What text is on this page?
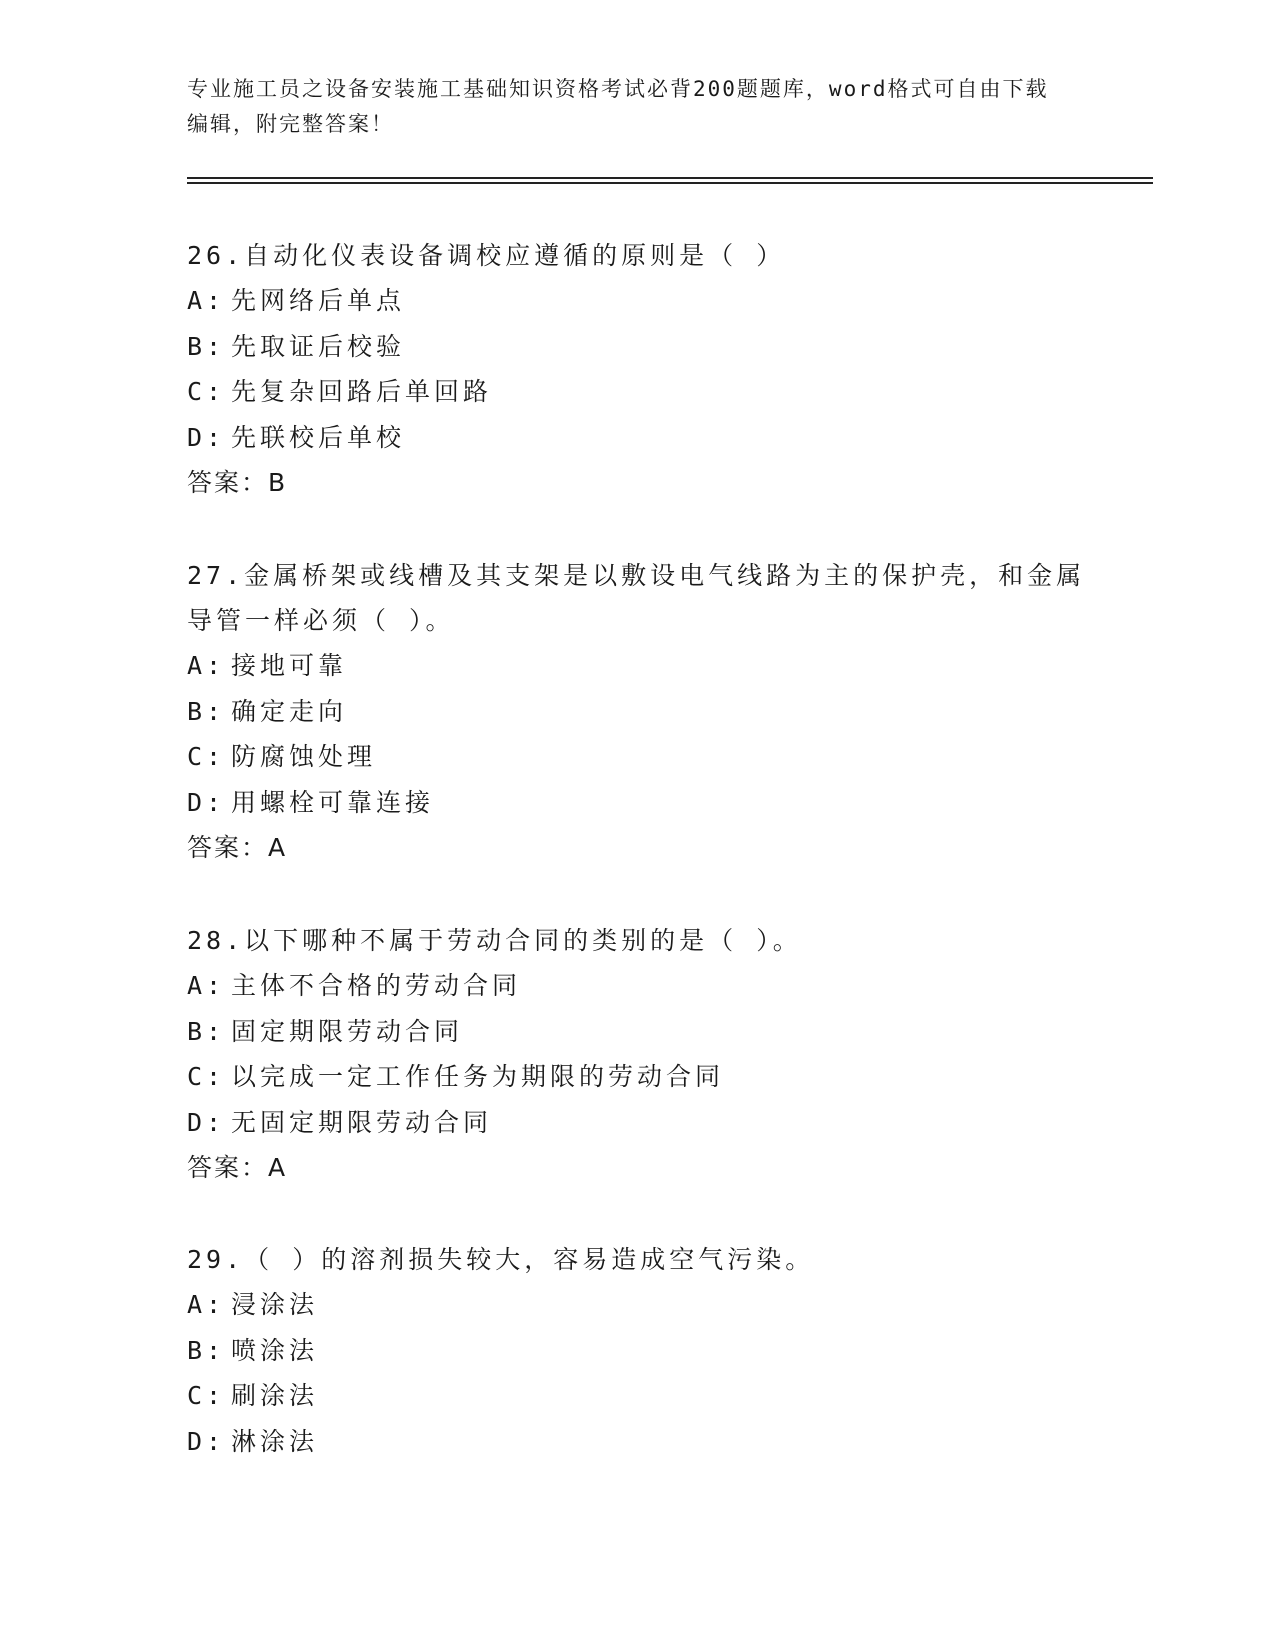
专业施工员之设备安装施工基础知识资格考试必背200题题库，word格式可自由下载编辑，附完整答案！

26.自动化仪表设备调校应遵循的原则是（ ）

A: 先网络后单点

B: 先取证后校验

C: 先复杂回路后单回路

D: 先联校后单校

答案：B

27.金属桥架或线槽及其支架是以敷设电气线路为主的保护壳，和金属导管一样必须（ ）。

A: 接地可靠

B: 确定走向

C: 防腐蚀处理

D: 用螺栓可靠连接

答案：A

28.以下哪种不属于劳动合同的类别的是（ ）。

A: 主体不合格的劳动合同

B: 固定期限劳动合同

C: 以完成一定工作任务为期限的劳动合同

D: 无固定期限劳动合同

答案：A

29.（ ）的溶剂损失较大，容易造成空气污染。

A: 浸涂法

B: 喷涂法

C: 刷涂法

D: 淋涂法
